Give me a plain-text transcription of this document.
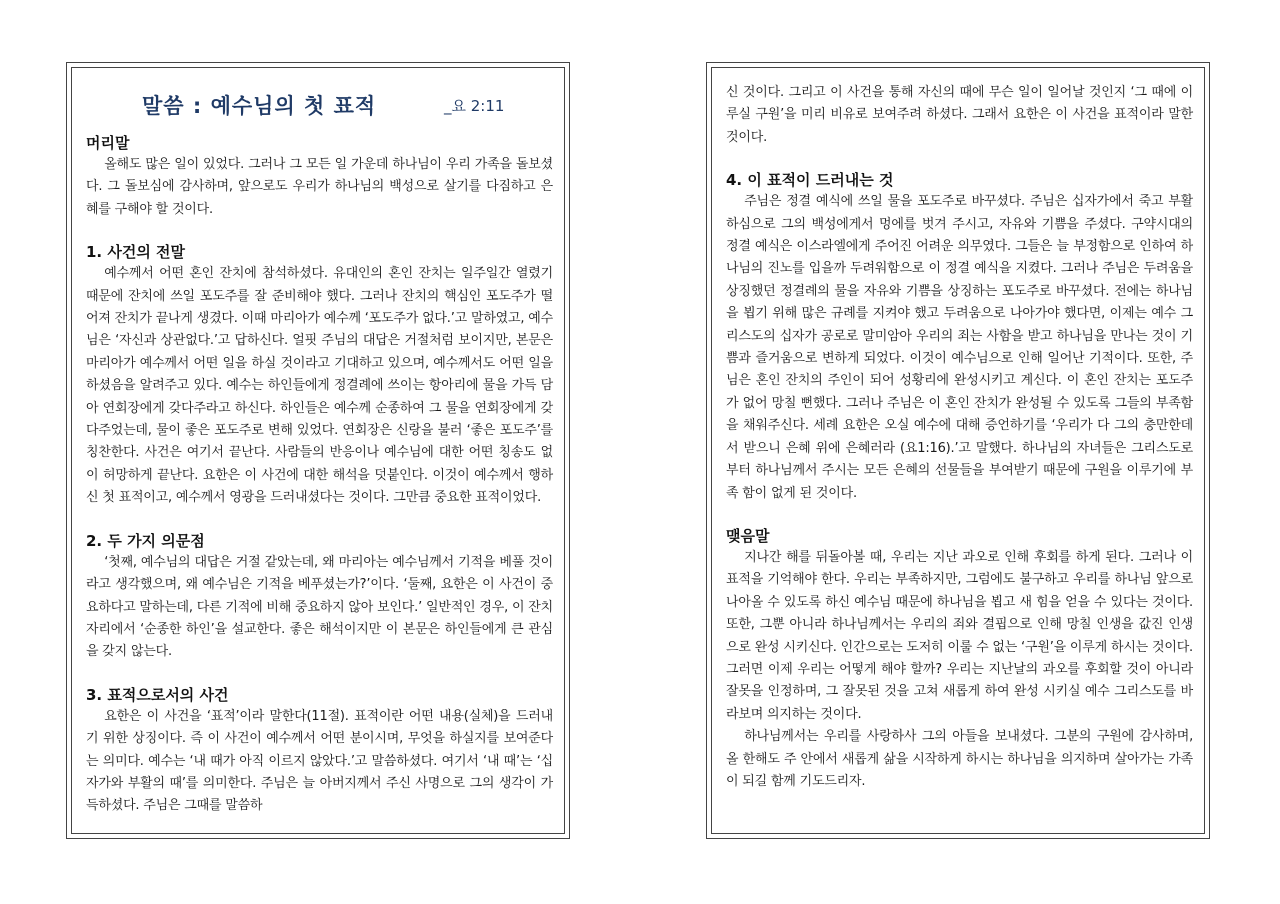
말씀 : 예수님의 첫 표적	_요 2:11
머리말

올해도 많은 일이 있었다. 그러나 그 모든 일 가운데 하나님이 우리 가족을 돌보셨다. 그 돌보심에 감사하며, 앞으로도 우리가 하나님의 백성으로 살기를 다짐하고 은혜를 구해야 할 것이다.

1. 사건의 전말

예수께서 어떤 혼인 잔치에 참석하셨다. 유대인의 혼인 잔치는 일주일간 열렸기 때문에 잔치에 쓰일 포도주를 잘 준비해야 했다. 그러나 잔치의 핵심인 포도주가 떨어져 잔치가 끝나게 생겼다. 이때 마리아가 예수께 ‘포도주가 없다.’고 말하였고, 예수님은 ‘자신과 상관없다.’고 답하신다. 얼핏 주님의 대답은 거절처럼 보이지만, 본문은 마리아가 예수께서 어떤 일을 하실 것이라고 기대하고 있으며, 예수께서도 어떤 일을 하셨음을 알려주고 있다. 예수는 하인들에게 정결례에 쓰이는 항아리에 물을 가득 담아 연회장에게 갖다주라고 하신다. 하인들은 예수께 순종하여 그 물을 연회장에게 갖다주었는데, 물이 좋은 포도주로 변해 있었다. 연회장은 신랑을 불러 ‘좋은 포도주’를 칭찬한다. 사건은 여기서 끝난다. 사람들의 반응이나 예수님에 대한 어떤 칭송도 없이 허망하게 끝난다. 요한은 이 사건에 대한 해석을 덧붙인다. 이것이 예수께서 행하신 첫 표적이고, 예수께서 영광을 드러내셨다는 것이다. 그만큼 중요한 표적이었다.

2. 두 가지 의문점

‘첫째, 예수님의 대답은 거절 같았는데, 왜 마리아는 예수님께서 기적을 베풀 것이라고 생각했으며, 왜 예수님은 기적을 베푸셨는가?’이다. ‘둘째, 요한은 이 사건이 중요하다고 말하는데, 다른 기적에 비해 중요하지 않아 보인다.’ 일반적인 경우, 이 잔치 자리에서 ‘순종한 하인’을 설교한다. 좋은 해석이지만 이 본문은 하인들에게 큰 관심을 갖지 않는다.

3. 표적으로서의 사건

요한은 이 사건을 ‘표적’이라 말한다(11절). 표적이란 어떤 내용(실체)을 드러내기 위한 상징이다. 즉 이 사건이 예수께서 어떤 분이시며, 무엇을 하실지를 보여준다는 의미다. 예수는 ‘내 때가 아직 이르지 않았다.’고 말씀하셨다. 여기서 ‘내 때’는 ‘십자가와 부활의 때’를 의미한다. 주님은 늘 아버지께서 주신 사명으로 그의 생각이 가득하셨다. 주님은 그때를 말씀하

신 것이다. 그리고 이 사건을 통해 자신의 때에 무슨 일이 일어날 것인지 ‘그 때에 이루실 구원’을 미리 비유로 보여주려 하셨다. 그래서 요한은 이 사건을 표적이라 말한 것이다.

4. 이 표적이 드러내는 것

주님은 정결 예식에 쓰일 물을 포도주로 바꾸셨다. 주님은 십자가에서 죽고 부활하심으로 그의 백성에게서 멍에를 벗겨 주시고, 자유와 기쁨을 주셨다. 구약시대의 정결 예식은 이스라엘에게 주어진 어려운 의무였다. 그들은 늘 부정함으로 인하여 하나님의 진노를 입을까 두려워함으로 이 정결 예식을 지켰다. 그러나 주님은 두려움을 상징했던 정결례의 물을 자유와 기쁨을 상징하는 포도주로 바꾸셨다. 전에는 하나님을 뵙기 위해 많은 규례를 지켜야 했고 두려움으로 나아가야 했다면, 이제는 예수 그리스도의 십자가 공로로 말미암아 우리의 죄는 사함을 받고 하나님을 만나는 것이 기쁨과 즐거움으로 변하게 되었다. 이것이 예수님으로 인해 일어난 기적이다. 또한, 주님은 혼인 잔치의 주인이 되어 성황리에 완성시키고 계신다. 이 혼인 잔치는 포도주가 없어 망칠 뻔했다. 그러나 주님은 이 혼인 잔치가 완성될 수 있도록 그들의 부족함을 채워주신다. 세례 요한은 오실 예수에 대해 증언하기를 ‘우리가 다 그의 충만한데서 받으니 은혜 위에 은혜러라 (요1:16).’고 말했다. 하나님의 자녀들은 그리스도로부터 하나님께서 주시는 모든 은혜의 선물들을 부여받기 때문에 구원을 이루기에 부족 함이 없게 된 것이다.

맺음말

지나간 해를 뒤돌아볼 때, 우리는 지난 과오로 인해 후회를 하게 된다. 그러나 이 표적을 기억해야 한다. 우리는 부족하지만, 그럼에도 불구하고 우리를 하나님 앞으로 나아올 수 있도록 하신 예수님 때문에 하나님을 뵙고 새 힘을 얻을 수 있다는 것이다. 또한, 그뿐 아니라 하나님께서는 우리의 죄와 결핍으로 인해 망칠 인생을 값진 인생으로 완성 시키신다. 인간으로는 도저히 이룰 수 없는 ‘구원’을 이루게 하시는 것이다. 그러면 이제 우리는 어떻게 해야 할까? 우리는 지난날의 과오를 후회할 것이 아니라 잘못을 인정하며, 그 잘못된 것을 고쳐 새롭게 하여 완성 시키실 예수 그리스도를 바라보며 의지하는 것이다.

하나님께서는 우리를 사랑하사 그의 아들을 보내셨다. 그분의 구원에 감사하며, 올 한해도 주 안에서 새롭게 삶을 시작하게 하시는 하나님을 의지하며 살아가는 가족이 되길 함께 기도드리자.
